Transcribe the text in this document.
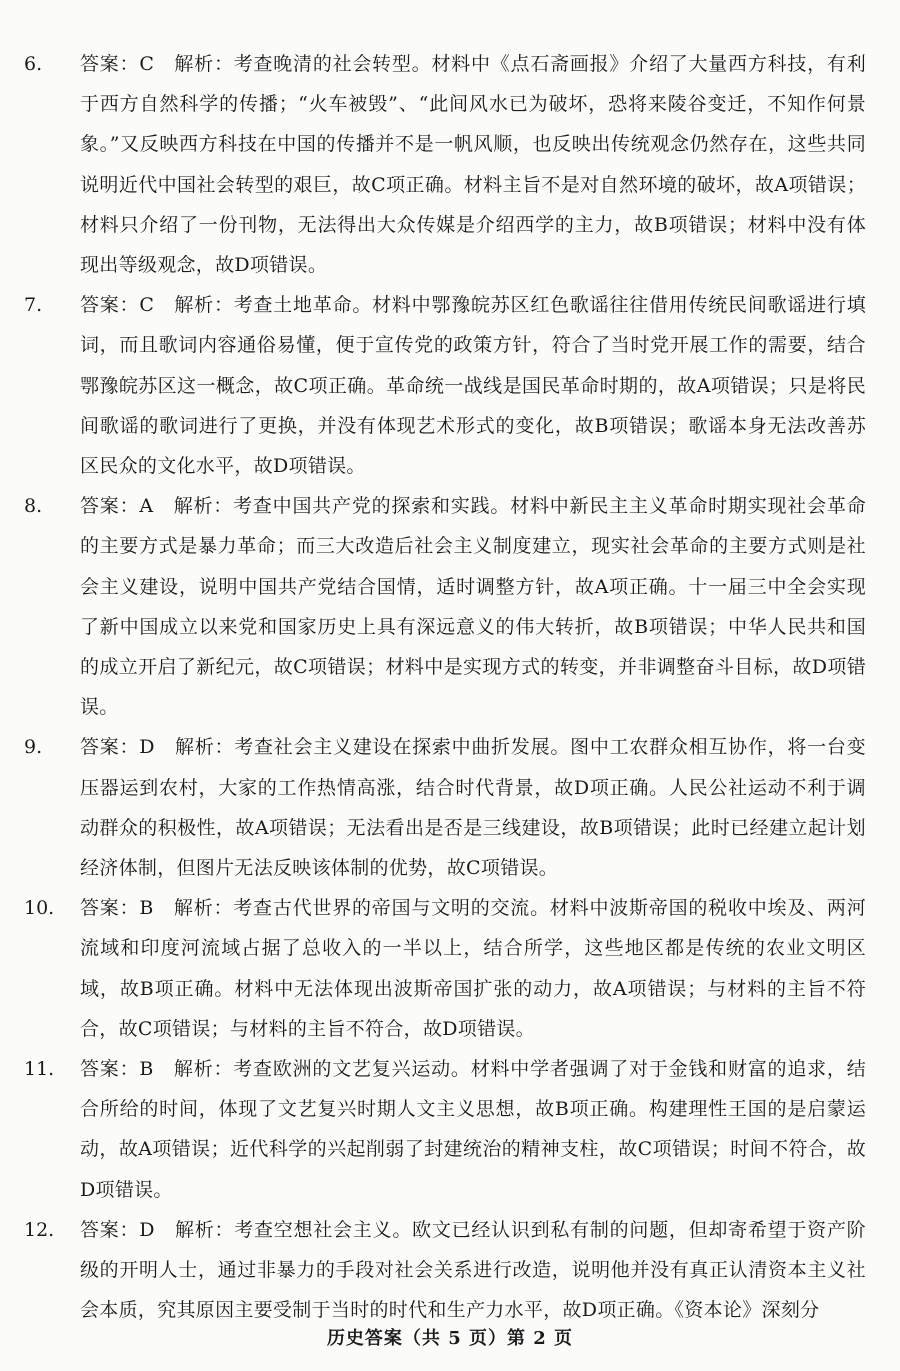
6.	答案：C　解析：考查晚清的社会转型。材料中《点石斋画报》介绍了大量西方科技，有利于西方自然科学的传播；“火车被毁”、“此间风水已为破坏，恐将来陵谷变迁，不知作何景象。”又反映西方科技在中国的传播并不是一帆风顺，也反映出传统观念仍然存在，这些共同说明近代中国社会转型的艰巨，故C项正确。材料主旨不是对自然环境的破坏，故A项错误；材料只介绍了一份刊物，无法得出大众传媒是介绍西学的主力，故B项错误；材料中没有体现出等级观念，故D项错误。
7.	答案：C　解析：考查土地革命。材料中鄂豫皖苏区红色歌谣往往借用传统民间歌谣进行填词，而且歌词内容通俗易懂，便于宣传党的政策方针，符合了当时党开展工作的需要，结合鄂豫皖苏区这一概念，故C项正确。革命统一战线是国民革命时期的，故A项错误；只是将民间歌谣的歌词进行了更换，并没有体现艺术形式的变化，故B项错误；歌谣本身无法改善苏区民众的文化水平，故D项错误。
8.	答案：A　解析：考查中国共产党的探索和实践。材料中新民主主义革命时期实现社会革命的主要方式是暴力革命；而三大改造后社会主义制度建立，现实社会革命的主要方式则是社会主义建设，说明中国共产党结合国情，适时调整方针，故A项正确。十一届三中全会实现了新中国成立以来党和国家历史上具有深远意义的伟大转折，故B项错误；中华人民共和国的成立开启了新纪元，故C项错误；材料中是实现方式的转变，并非调整奋斗目标，故D项错误。
9.	答案：D　解析：考查社会主义建设在探索中曲折发展。图中工农群众相互协作，将一台变压器运到农村，大家的工作热情高涨，结合时代背景，故D项正确。人民公社运动不利于调动群众的积极性，故A项错误；无法看出是否是三线建设，故B项错误；此时已经建立起计划经济体制，但图片无法反映该体制的优势，故C项错误。
10.	答案：B　解析：考查古代世界的帝国与文明的交流。材料中波斯帝国的税收中埃及、两河流域和印度河流域占据了总收入的一半以上，结合所学，这些地区都是传统的农业文明区域，故B项正确。材料中无法体现出波斯帝国扩张的动力，故A项错误；与材料的主旨不符合，故C项错误；与材料的主旨不符合，故D项错误。
11.	答案：B　解析：考查欧洲的文艺复兴运动。材料中学者强调了对于金钱和财富的追求，结合所给的时间，体现了文艺复兴时期人文主义思想，故B项正确。构建理性王国的是启蒙运动，故A项错误；近代科学的兴起削弱了封建统治的精神支柱，故C项错误；时间不符合，故D项错误。
12.	答案：D　解析：考查空想社会主义。欧文已经认识到私有制的问题，但却寄希望于资产阶级的开明人士，通过非暴力的手段对社会关系进行改造，说明他并没有真正认清资本主义社会本质，究其原因主要受制于当时的时代和生产力水平，故D项正确。《资本论》深刻分
历史答案（共 5 页）第 2 页
